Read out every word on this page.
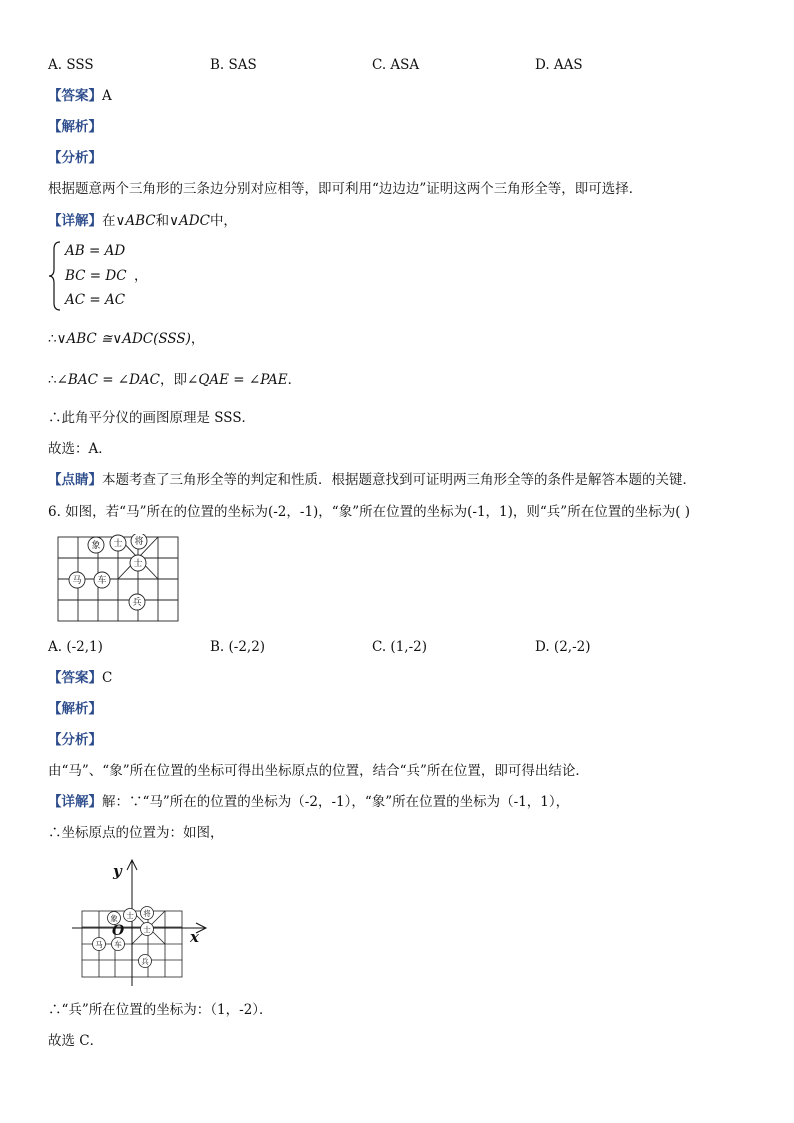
A. SSS	B. SAS	C. ASA	D. AAS
【答案】A
【解析】
【分析】
根据题意两个三角形的三条边分别对应相等，即可利用“边边边”证明这两个三角形全等，即可选择．
【详解】在∨ABC和∨ADC中，
AB = AD
BC = DC
AC = AC
，
∴∨ABC ≅∨ADC(SSS)，
∴∠BAC = ∠DAC，即∠QAE = ∠PAE．
∴此角平分仪的画图原理是 SSS．
故选：A．
【点睛】本题考查了三角形全等的判定和性质．根据题意找到可证明两三角形全等的条件是解答本题的关键．
6. 如图，若“马”所在的位置的坐标为(-2，-1)，“象”所在位置的坐标为(-1，1)，则“兵”所在位置的坐标为( )
象 士 将
士
马 车
兵
A. (-2,1)	B. (-2,2)	C. (1,-2)	D. (2,-2)
【答案】C
【解析】
【分析】
由“马”、“象”所在位置的坐标可得出坐标原点的位置，结合“兵”所在位置，即可得出结论．
【详解】解：∵“马”所在的位置的坐标为（-2，-1），“象”所在位置的坐标为（-1，1），
∴坐标原点的位置为：如图，
象 士 将
士
马 车
兵
y
x
O
∴“兵”所在位置的坐标为：（1，-2）．
故选 C．
